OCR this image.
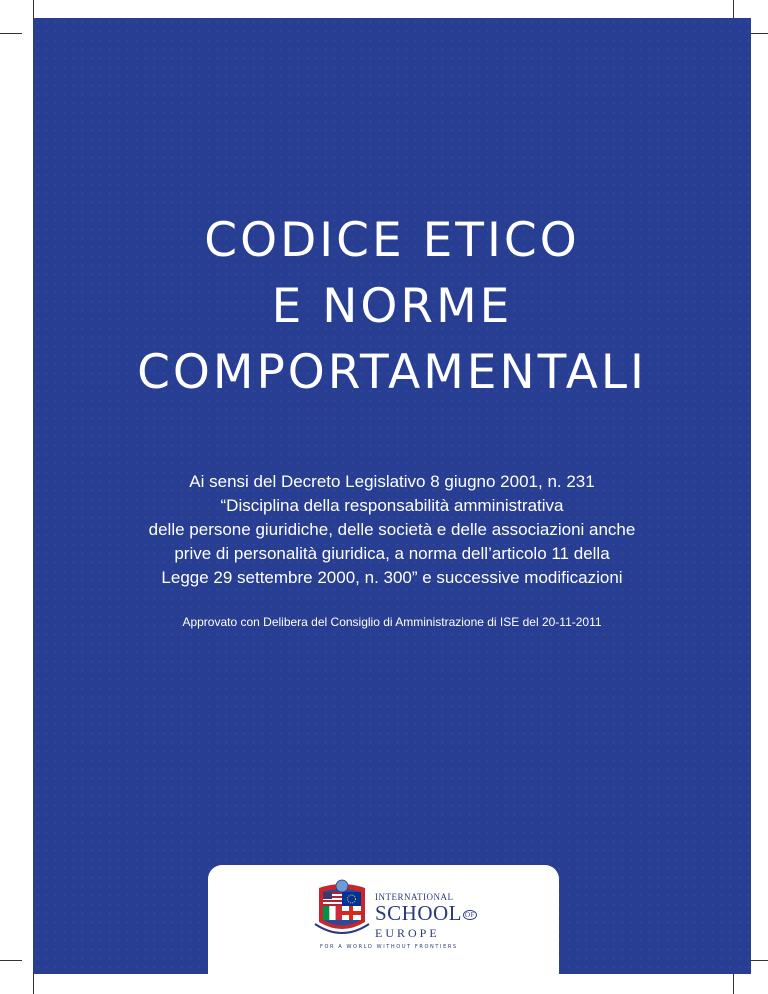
CODICE ETICO
E NORME
COMPORTAMENTALI
Ai sensi del Decreto Legislativo 8 giugno 2001, n. 231
“Disciplina della responsabilità amministrativa
delle persone giuridiche, delle società e delle associazioni anche
prive di personalità giuridica, a norma dell’articolo 11 della
Legge 29 settembre 2000, n. 300” e successive modificazioni
Approvato con Delibera del Consiglio di Amministrazione di ISE del 20-11-2011
INTERNATIONAL
SCHOOL OF
EUROPE
FOR A WORLD WITHOUT FRONTIERS
